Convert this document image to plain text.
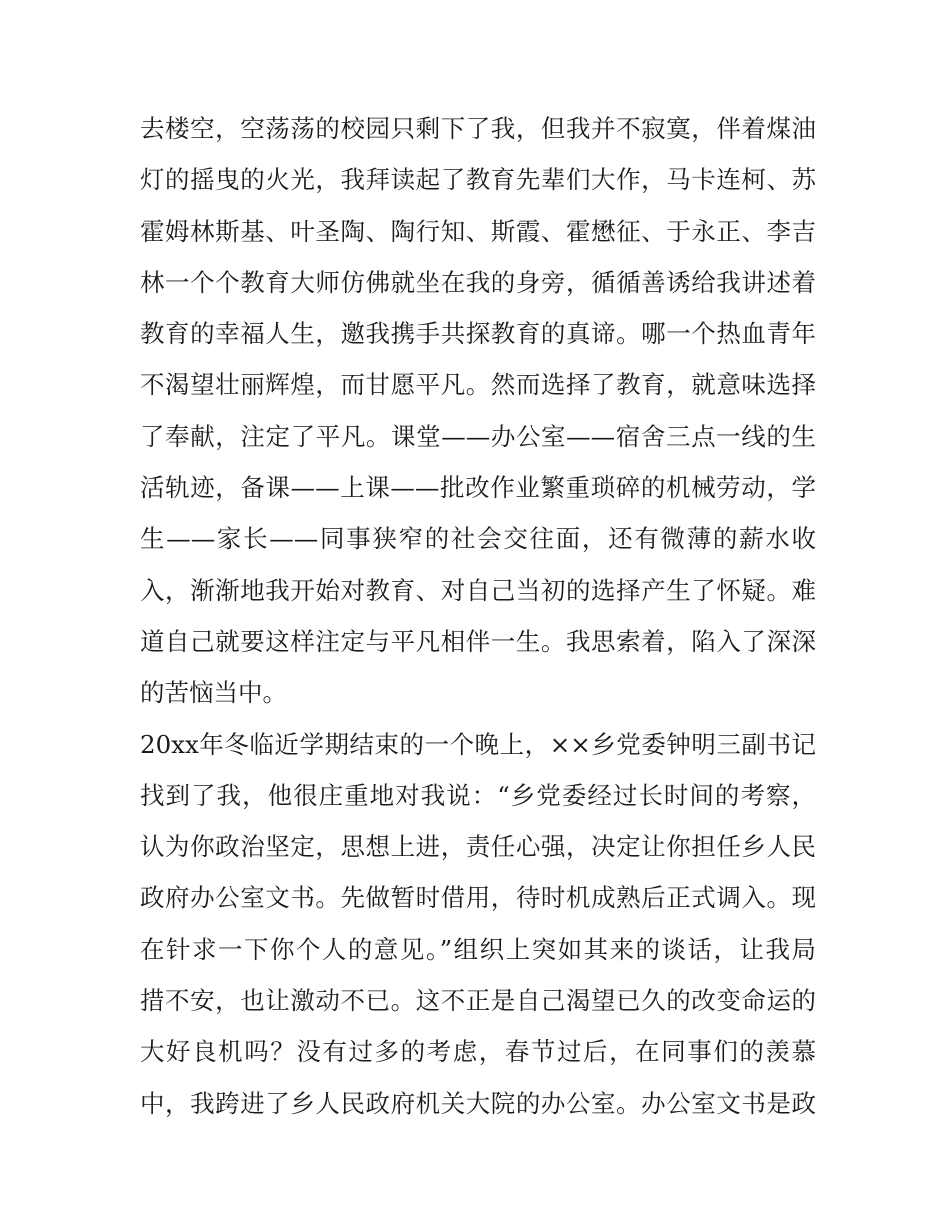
去楼空，空荡荡的校园只剩下了我，但我并不寂寞，伴着煤油
灯的摇曳的火光，我拜读起了教育先辈们大作，马卡连柯、苏
霍姆林斯基、叶圣陶、陶行知、斯霞、霍懋征、于永正、李吉
林一个个教育大师仿佛就坐在我的身旁，循循善诱给我讲述着
教育的幸福人生，邀我携手共探教育的真谛。哪一个热血青年
不渴望壮丽辉煌，而甘愿平凡。然而选择了教育，就意味选择
了奉献，注定了平凡。课堂——办公室——宿舍三点一线的生
活轨迹，备课——上课——批改作业繁重琐碎的机械劳动，学
生——家长——同事狭窄的社会交往面，还有微薄的薪水收
入，渐渐地我开始对教育、对自己当初的选择产生了怀疑。难
道自己就要这样注定与平凡相伴一生。我思索着，陷入了深深
的苦恼当中。
20xx年冬临近学期结束的一个晚上，××乡党委钟明三副书记
找到了我，他很庄重地对我说：“乡党委经过长时间的考察，
认为你政治坚定，思想上进，责任心强，决定让你担任乡人民
政府办公室文书。先做暂时借用，待时机成熟后正式调入。现
在针求一下你个人的意见。”组织上突如其来的谈话，让我局
措不安，也让激动不已。这不正是自己渴望已久的改变命运的
大好良机吗？没有过多的考虑，春节过后，在同事们的羡慕
中，我跨进了乡人民政府机关大院的办公室。办公室文书是政
